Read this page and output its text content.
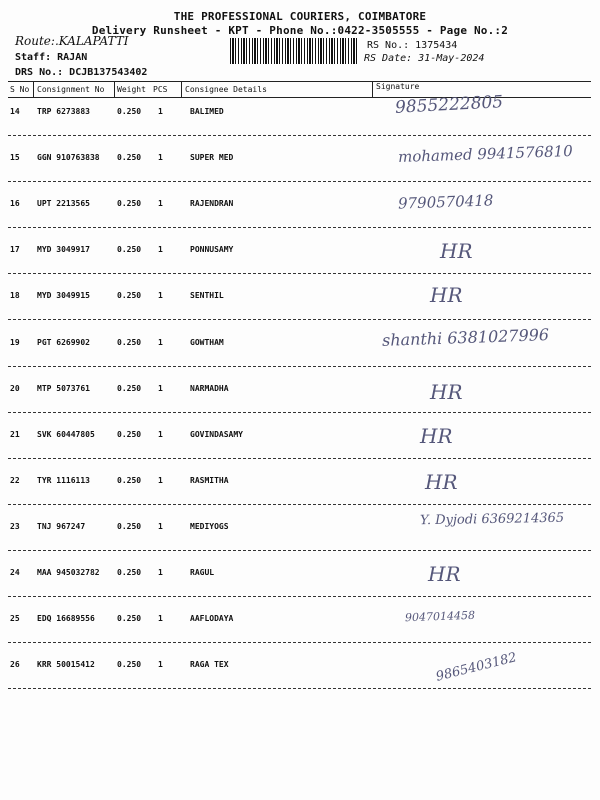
THE PROFESSIONAL COURIERS, COIMBATORE
Delivery Runsheet - KPT - Phone No.:0422-3505555 - Page No.:2
Route:.KALAPATTI
Staff: RAJAN
DRS No.: DCJB137543402
RS No.: 1375434
RS Date: 31-May-2024
S No Consignment No Weight PCS Consignee Details	Signature
14 TRP 6273883	0.250 1	BALIMED	9855222805
15 GGN 910763838 0.250 1	SUPER MED	mohamed 9941576810
16 UPT 2213565	0.250 1	RAJENDRAN	9790570418
17 MYD 3049917	0.250 1	PONNUSAMY	HR
18 MYD 3049915	0.250 1	SENTHIL	HR
19 PGT 6269902	0.250 1	GOWTHAM	shanthi 6381027996
20 MTP 5073761	0.250 1	NARMADHA	HR
21 SVK 60447805	0.250 1	GOVINDASAMY	HR
22 TYR 1116113	0.250 1	RASMITHA	HR
23 TNJ 967247	0.250 1	MEDIYOGS	Y. Dyjodi 6369214365
24 MAA 945032782 0.250 1	RAGUL	HR
25 EDQ 16689556	0.250 1	AAFLODAYA	9047014458
26 KRR 50015412	0.250 1	RAGA TEX	9865403182
